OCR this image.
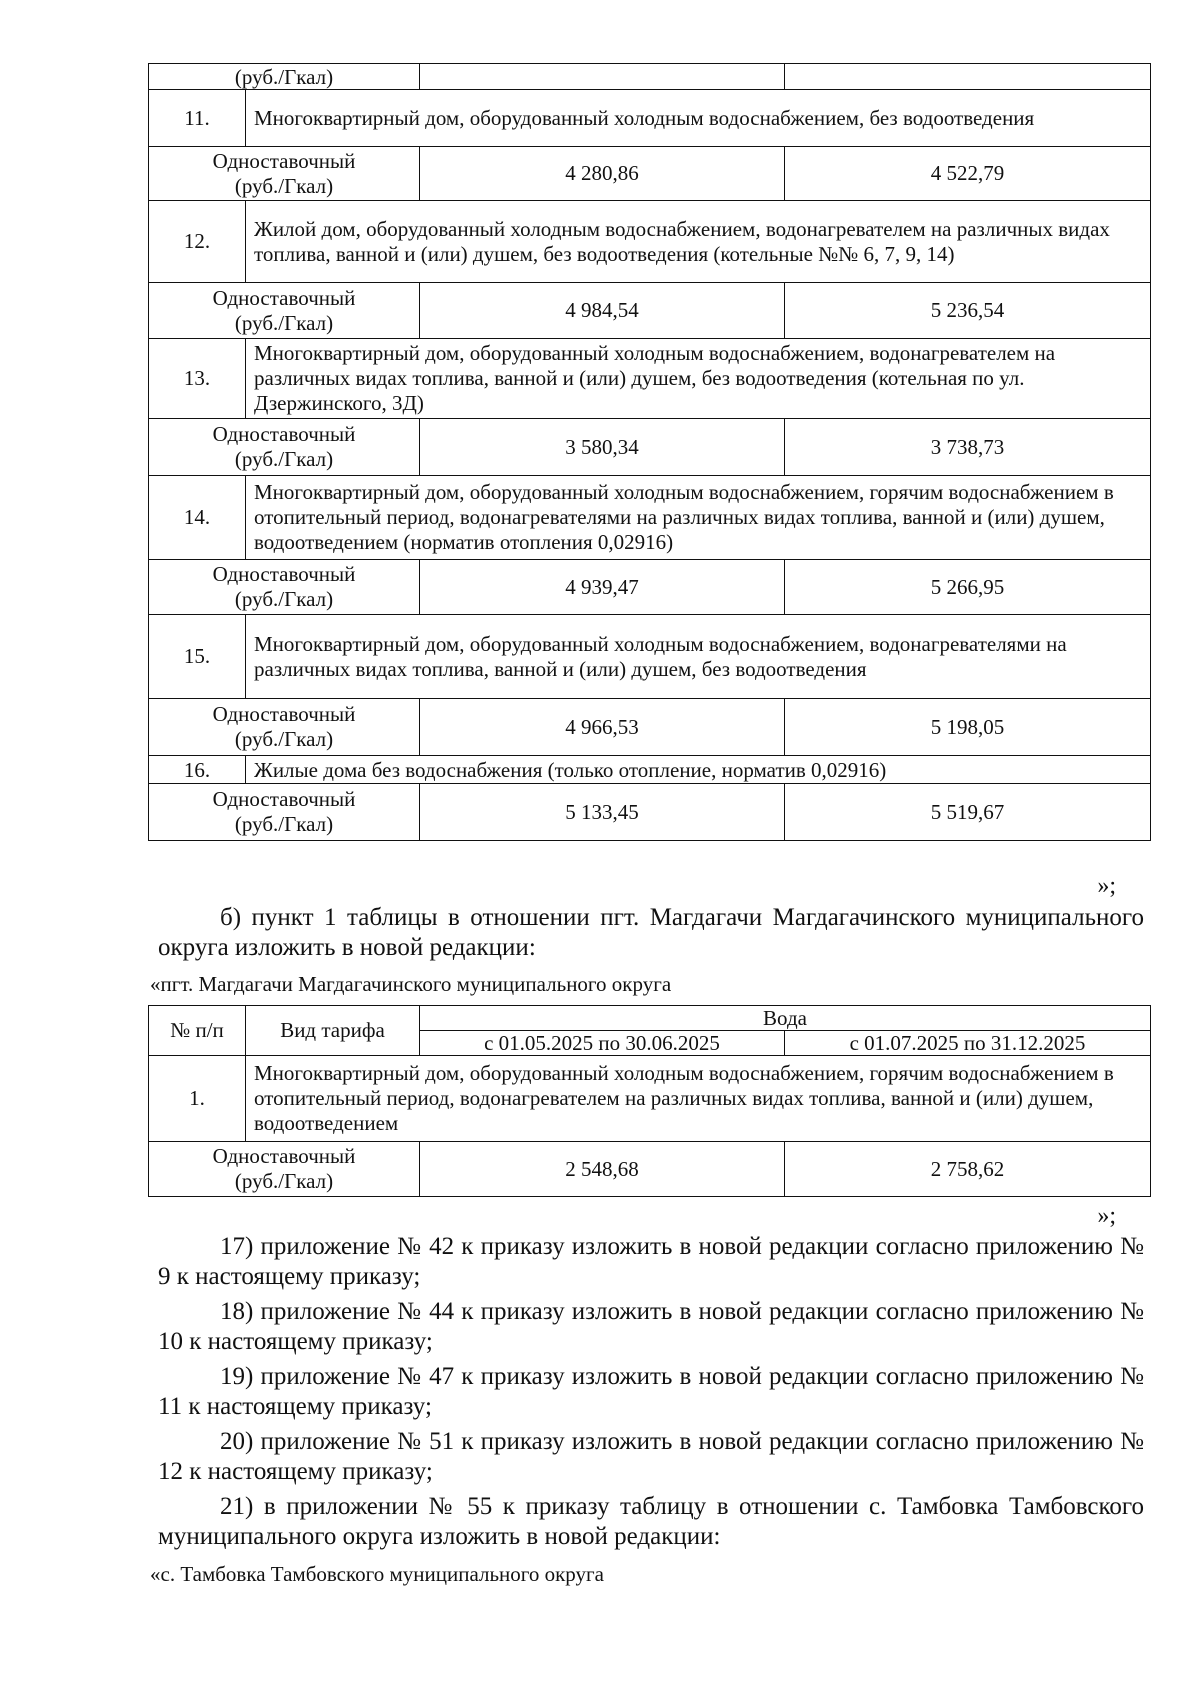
(руб./Гкал)			
11.	Многоквартирный дом, оборудованный холодным водоснабжением, без водоотведения		

Одноставочный
(руб./Гкал)		4 280,86	4 522,79
12.	Жилой дом, оборудованный холодным водоснабжением, водонагревателем на различных видах топлива, ванной и (или) душем, без водоотведения (котельные №№ 6, 7, 9, 14)		

Одноставочный
(руб./Гкал)		4 984,54	5 236,54
13.	Многоквартирный дом, оборудованный холодным водоснабжением, водонагревателем на различных видах топлива, ванной и (или) душем, без водоотведения (котельная по ул. Дзержинского, 3Д)		

Одноставочный
(руб./Гкал)		3 580,34	3 738,73
14.	Многоквартирный дом, оборудованный холодным водоснабжением, горячим водоснабжением в отопительный период, водонагревателями на различных видах топлива, ванной и (или) душем, водоотведением (норматив отопления 0,02916)		

Одноставочный
(руб./Гкал)		4 939,47	5 266,95
15.	Многоквартирный дом, оборудованный холодным водоснабжением, водонагревателями на различных видах топлива, ванной и (или) душем, без водоотведения		

Одноставочный
(руб./Гкал)		4 966,53	5 198,05
16.	Жилые дома без водоснабжения (только отопление, норматив 0,02916)		

Одноставочный
(руб./Гкал)		5 133,45	5 519,67
»;
б) пункт 1 таблицы в отношении пгт. Магдагачи Магдагачинского муниципального округа изложить в новой редакции:
«пгт. Магдагачи Магдагачинского муниципального округа
№ п/п	Вид тарифа	Вода	
		с 01.05.2025 по 30.06.2025	с 01.07.2025 по 31.12.2025
1.	Многоквартирный дом, оборудованный холодным водоснабжением, горячим водоснабжением в отопительный период, водонагревателем на различных видах топлива, ванной и (или) душем, водоотведением		

Одноставочный
(руб./Гкал)		2 548,68	2 758,62
»;
17) приложение № 42 к приказу изложить в новой редакции согласно приложению № 9 к настоящему приказу;
18) приложение № 44 к приказу изложить в новой редакции согласно приложению № 10 к настоящему приказу;
19) приложение № 47 к приказу изложить в новой редакции согласно приложению № 11 к настоящему приказу;
20) приложение № 51 к приказу изложить в новой редакции согласно приложению № 12 к настоящему приказу;
21) в приложении № 55 к приказу таблицу в отношении с. Тамбовка Тамбовского муниципального округа изложить в новой редакции:
«с. Тамбовка Тамбовского муниципального округа
